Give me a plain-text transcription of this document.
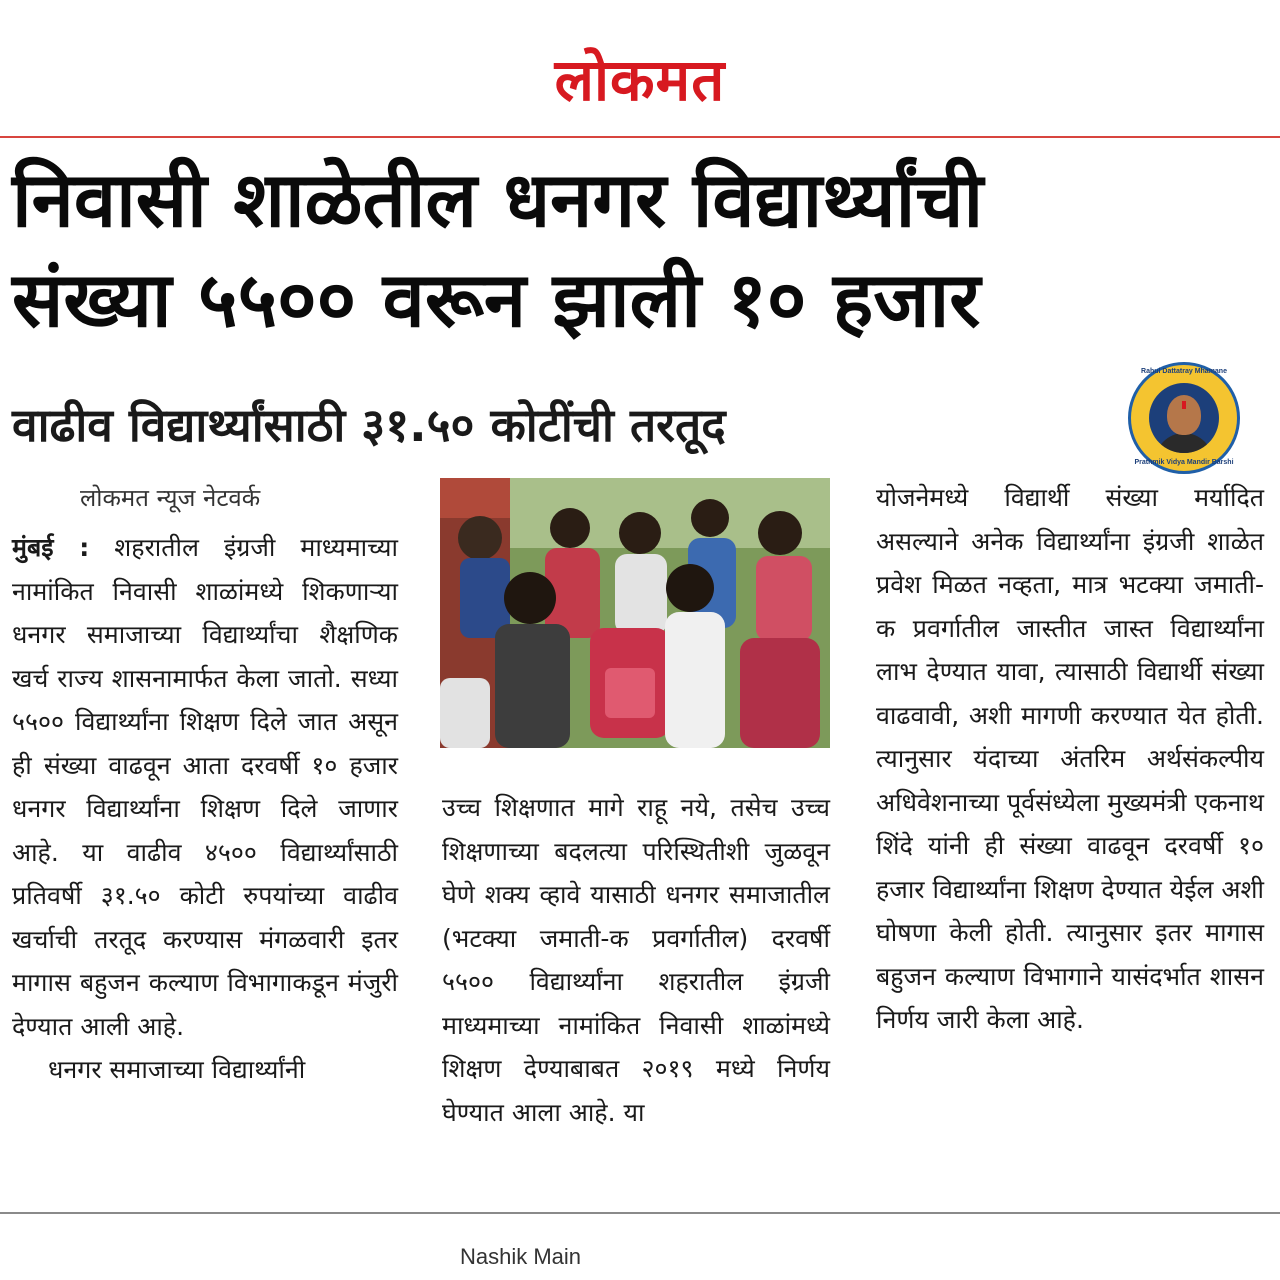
लोकमत
निवासी शाळेतील धनगर विद्यार्थ्यांची
संख्या ५५०० वरून झाली १० हजार
वाढीव विद्यार्थ्यांसाठी ३१.५० कोटींची तरतूद
Rahul Dattatray Mhamane
Prathmik Vidya Mandir Barshi
लोकमत न्यूज नेटवर्क

मुंबई : शहरातील इंग्रजी माध्यमाच्या नामांकित निवासी शाळांमध्ये शिकणाऱ्या धनगर समाजाच्या विद्यार्थ्यांचा शैक्षणिक खर्च राज्य शासनामार्फत केला जातो. सध्या ५५०० विद्यार्थ्यांना शिक्षण दिले जात असून ही संख्या वाढवून आता दरवर्षी १० हजार धनगर विद्यार्थ्यांना शिक्षण दिले जाणार आहे. या वाढीव ४५०० विद्यार्थ्यांसाठी प्रतिवर्षी ३१.५० कोटी रुपयांच्या वाढीव खर्चाची तरतूद करण्यास मंगळवारी इतर मागास बहुजन कल्याण विभागाकडून मंजुरी देण्यात आली आहे.

धनगर समाजाच्या विद्यार्थ्यांनी

उच्च शिक्षणात मागे राहू नये, तसेच उच्च शिक्षणाच्या बदलत्या परिस्थितीशी जुळवून घेणे शक्य व्हावे यासाठी धनगर समाजातील (भटक्या जमाती-क प्रवर्गातील) दरवर्षी ५५०० विद्यार्थ्यांना शहरातील इंग्रजी माध्यमाच्या नामांकित निवासी शाळांमध्ये शिक्षण देण्याबाबत २०१९ मध्ये निर्णय घेण्यात आला आहे. या

योजनेमध्ये विद्यार्थी संख्या मर्यादित असल्याने अनेक विद्यार्थ्यांना इंग्रजी शाळेत प्रवेश मिळत नव्हता, मात्र भटक्या जमाती-क प्रवर्गातील जास्तीत जास्त विद्यार्थ्यांना लाभ देण्यात यावा, त्यासाठी विद्यार्थी संख्या वाढवावी, अशी मागणी करण्यात येत होती. त्यानुसार यंदाच्या अंतरिम अर्थसंकल्पीय अधिवेशनाच्या पूर्वसंध्येला मुख्यमंत्री एकनाथ शिंदे यांनी ही संख्या वाढवून दरवर्षी १० हजार विद्यार्थ्यांना शिक्षण देण्यात येईल अशी घोषणा केली होती. त्यानुसार इतर मागास बहुजन कल्याण विभागाने यासंदर्भात शासन निर्णय जारी केला आहे.

Nashik Main
